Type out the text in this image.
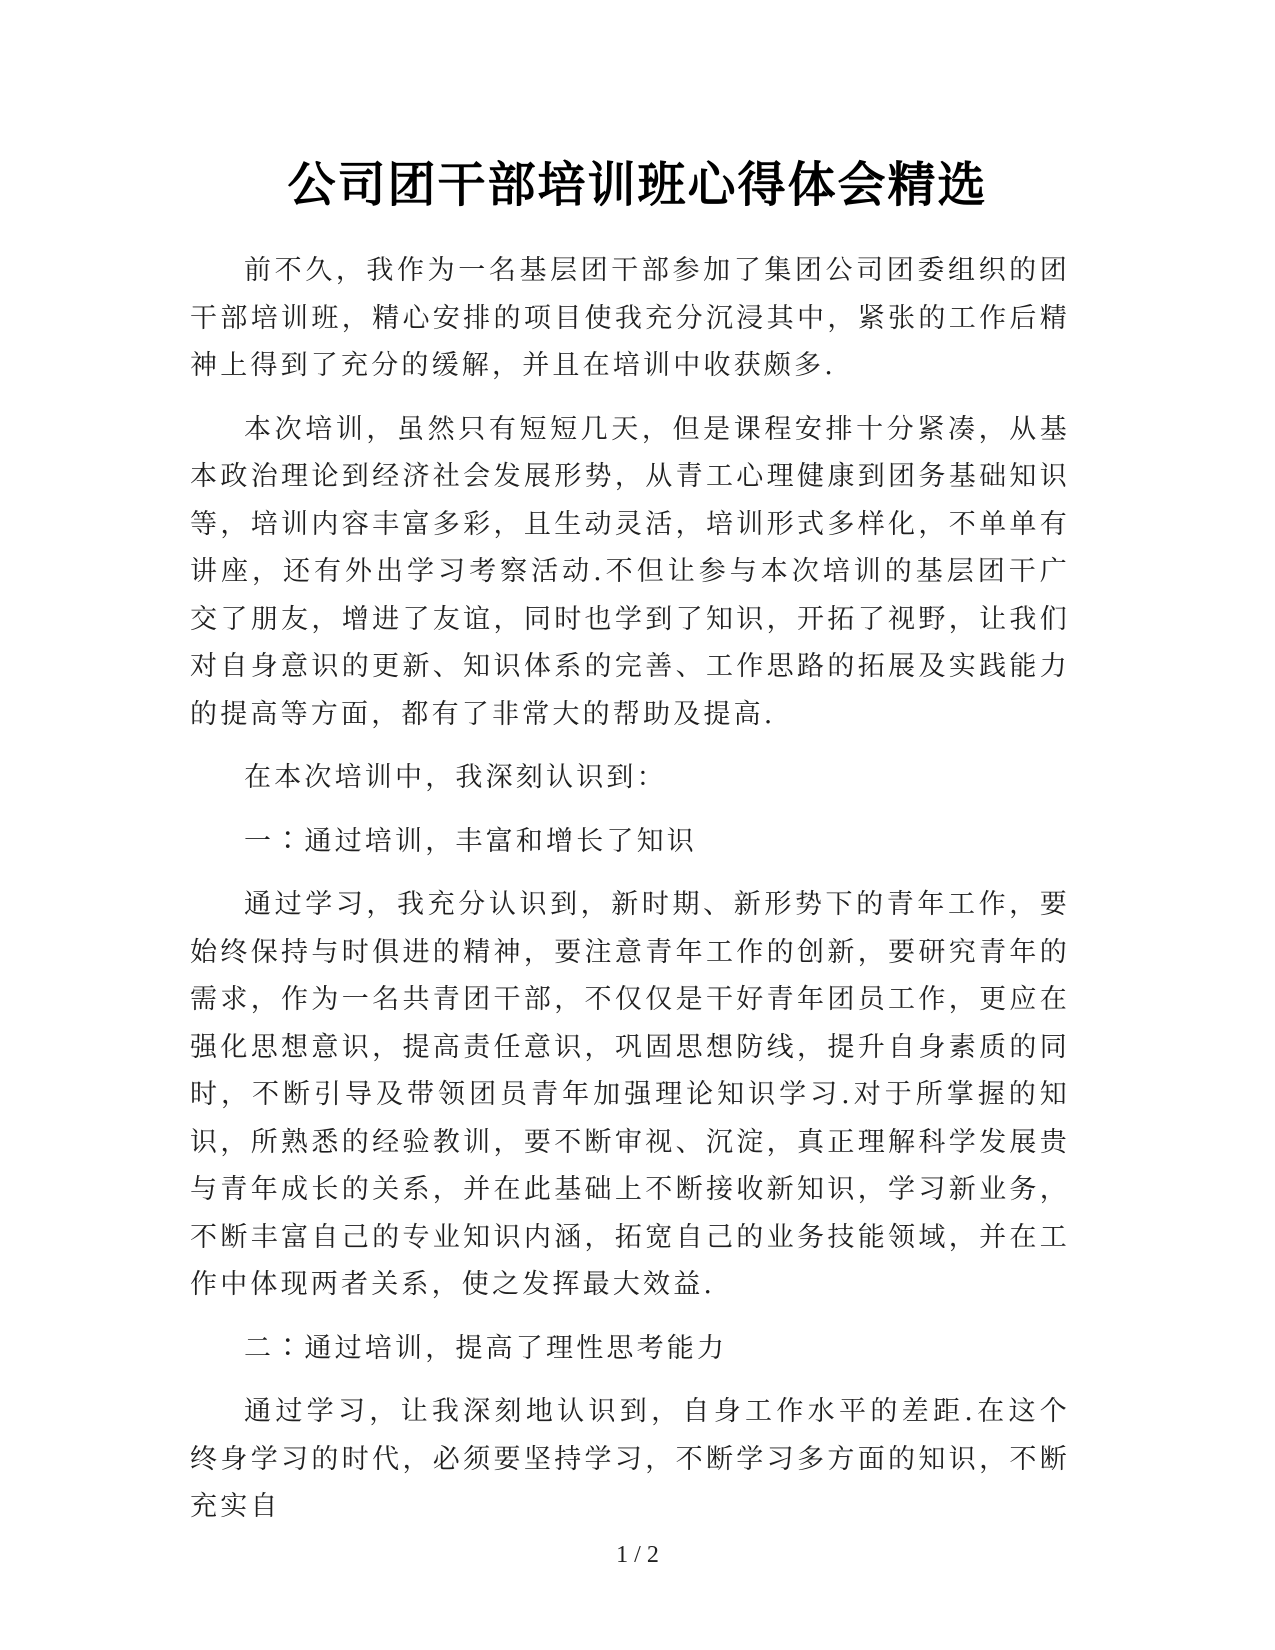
公司团干部培训班心得体会精选

前不久，我作为一名基层团干部参加了集团公司团委组织的团干部培训班，精心安排的项目使我充分沉浸其中，紧张的工作后精神上得到了充分的缓解，并且在培训中收获颇多.

本次培训，虽然只有短短几天，但是课程安排十分紧凑，从基本政治理论到经济社会发展形势，从青工心理健康到团务基础知识等，培训内容丰富多彩，且生动灵活，培训形式多样化，不单单有讲座，还有外出学习考察活动.不但让参与本次培训的基层团干广交了朋友，增进了友谊，同时也学到了知识，开拓了视野，让我们对自身意识的更新、知识体系的完善、工作思路的拓展及实践能力的提高等方面，都有了非常大的帮助及提高.

在本次培训中，我深刻认识到：

一∶通过培训，丰富和增长了知识

通过学习，我充分认识到，新时期、新形势下的青年工作，要始终保持与时俱进的精神，要注意青年工作的创新，要研究青年的需求，作为一名共青团干部，不仅仅是干好青年团员工作，更应在强化思想意识，提高责任意识，巩固思想防线，提升自身素质的同时，不断引导及带领团员青年加强理论知识学习.对于所掌握的知识，所熟悉的经验教训，要不断审视、沉淀，真正理解科学发展贵与青年成长的关系，并在此基础上不断接收新知识，学习新业务，不断丰富自己的专业知识内涵，拓宽自己的业务技能领域，并在工作中体现两者关系，使之发挥最大效益.

二∶通过培训，提高了理性思考能力

通过学习，让我深刻地认识到，自身工作水平的差距.在这个终身学习的时代，必须要坚持学习，不断学习多方面的知识，不断充实自

1 / 2
